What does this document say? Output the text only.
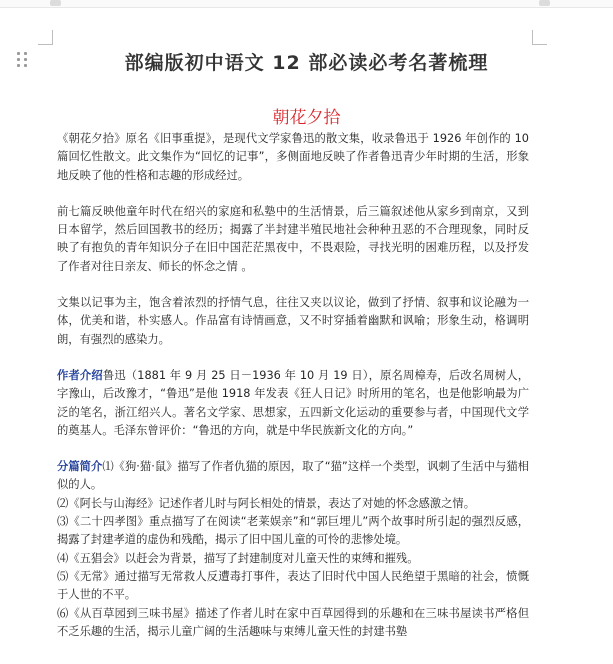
部编版初中语文 12 部必读必考名著梳理
朝花夕拾

《朝花夕拾》原名《旧事重提》，是现代文学家鲁迅的散文集，收录鲁迅于 1926 年创作的 10 篇回忆性散文。此文集作为“回忆的记事”，多侧面地反映了作者鲁迅青少年时期的生活，形象地反映了他的性格和志趣的形成经过。

前七篇反映他童年时代在绍兴的家庭和私塾中的生活情景，后三篇叙述他从家乡到南京，又到日本留学，然后回国教书的经历；揭露了半封建半殖民地社会种种丑恶的不合理现象，同时反映了有抱负的青年知识分子在旧中国茫茫黑夜中，不畏艰险，寻找光明的困难历程，以及抒发了作者对往日亲友、师长的怀念之情 。

文集以记事为主，饱含着浓烈的抒情气息，往往又夹以议论，做到了抒情、叙事和议论融为一体，优美和谐，朴实感人。作品富有诗情画意，又不时穿插着幽默和讽喻；形象生动，格调明朗，有强烈的感染力。

作者介绍鲁迅（1881 年 9 月 25 日－1936 年 10 月 19 日），原名周樟寿，后改名周树人，字豫山，后改豫才，“鲁迅”是他 1918 年发表《狂人日记》时所用的笔名，也是他影响最为广泛的笔名，浙江绍兴人。著名文学家、思想家，五四新文化运动的重要参与者，中国现代文学的奠基人。毛泽东曾评价：“鲁迅的方向，就是中华民族新文化的方向。”

分篇简介⑴《狗·猫·鼠》描写了作者仇猫的原因，取了“猫”这样一个类型，讽刺了生活中与猫相似的人。

⑵《阿长与山海经》记述作者儿时与阿长相处的情景，表达了对她的怀念感激之情。

⑶《二十四孝图》重点描写了在阅读“老莱娱亲”和“郭巨埋儿”两个故事时所引起的强烈反感，揭露了封建孝道的虚伪和残酷，揭示了旧中国儿童的可怜的悲惨处境。

⑷《五猖会》以赶会为背景，描写了封建制度对儿童天性的束缚和摧残。

⑸《无常》通过描写无常救人反遭毒打事件，表达了旧时代中国人民绝望于黑暗的社会，愤慨于人世的不平。

⑹《从百草园到三味书屋》描述了作者儿时在家中百草园得到的乐趣和在三味书屋读书严格但不乏乐趣的生活，揭示儿童广阔的生活趣味与束缚儿童天性的封建书塾
